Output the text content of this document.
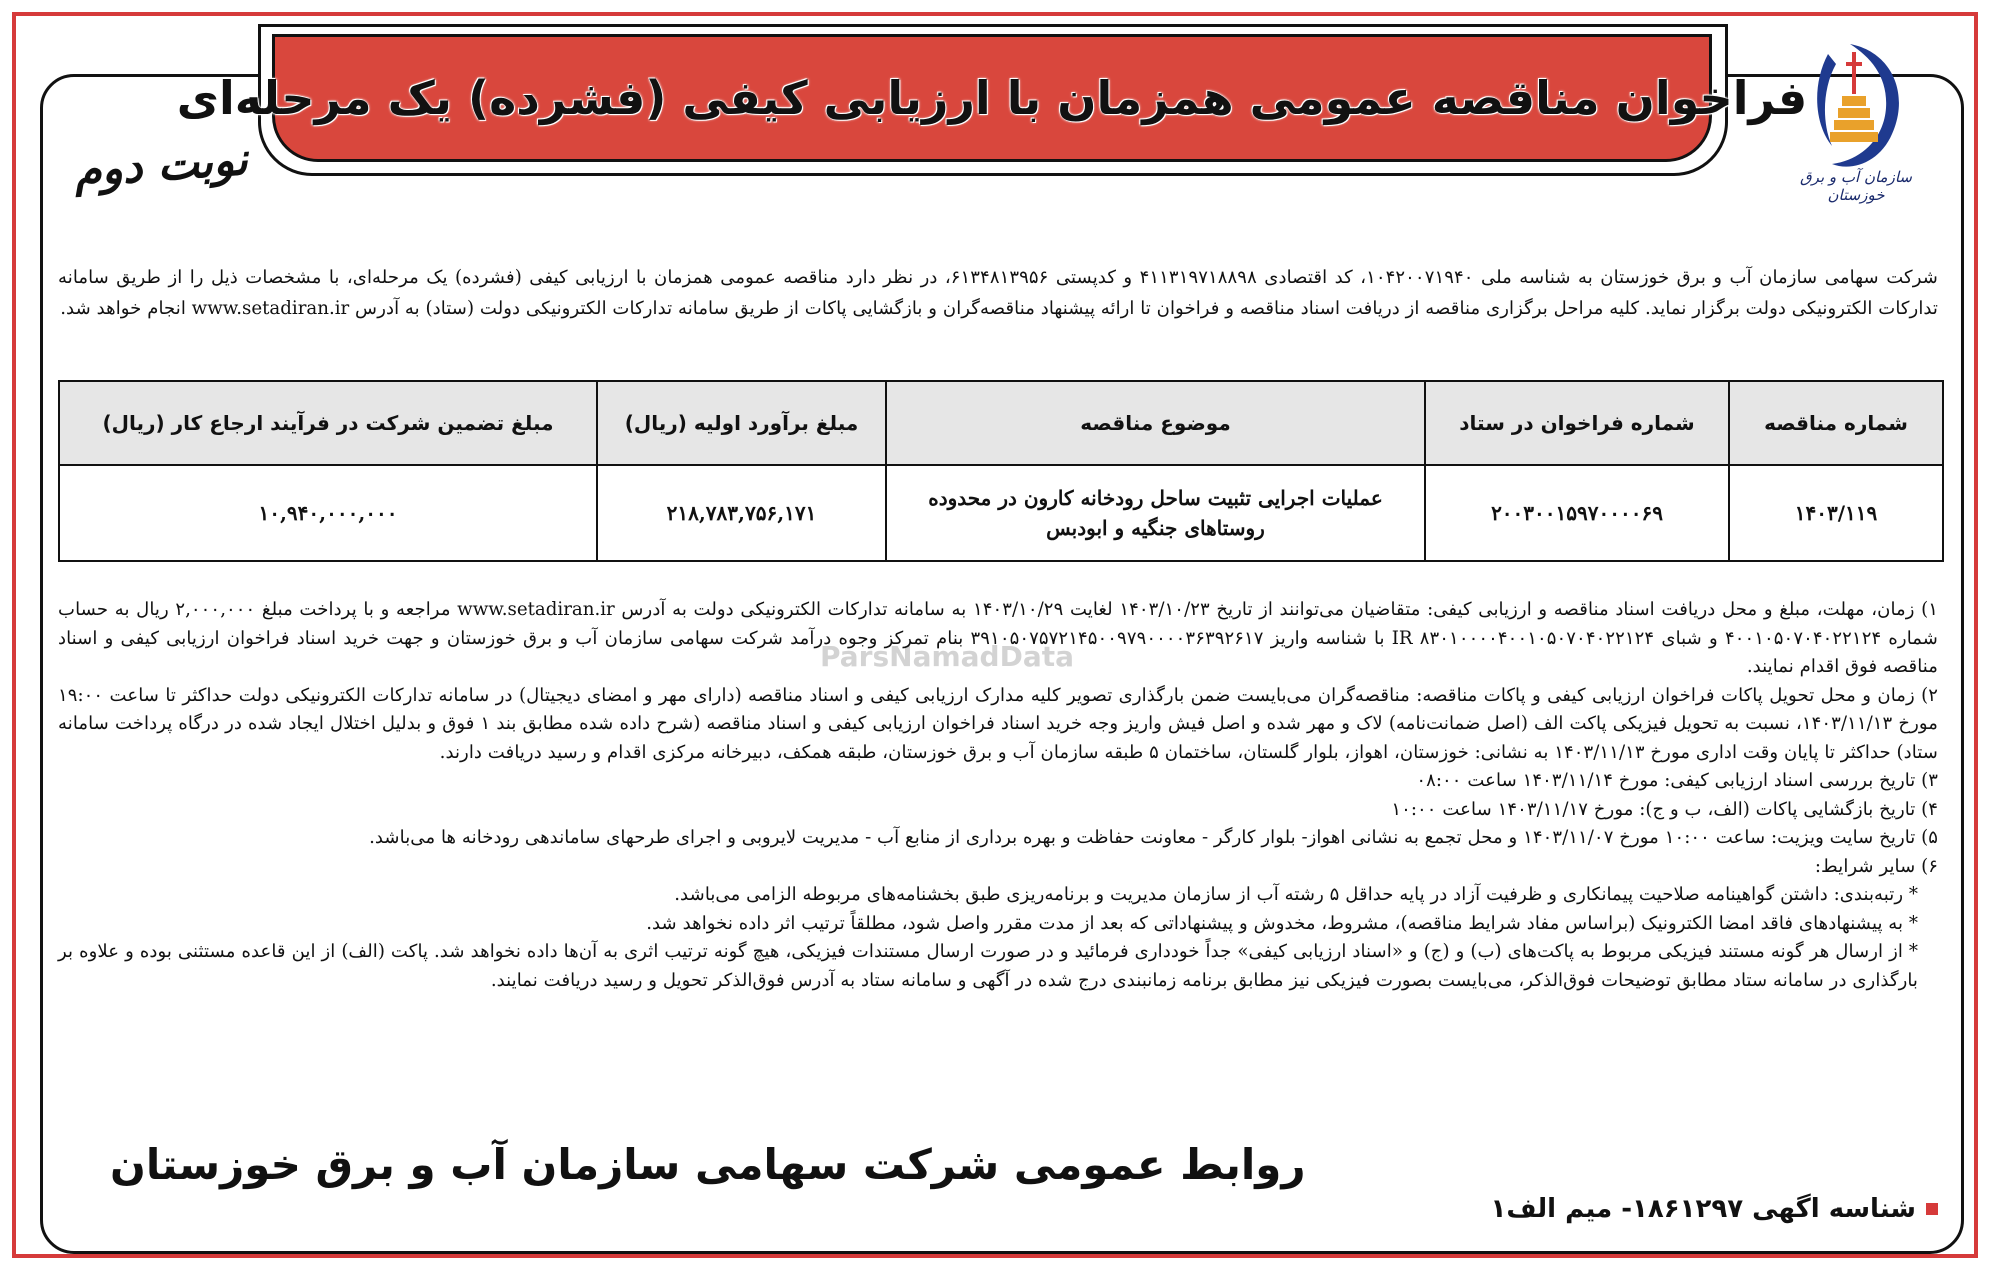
فراخوان مناقصه عمومی همزمان با ارزیابی کیفی (فشرده) یک مرحله‌ای
سازمان آب و برق خوزستان
نوبت دوم

شرکت سهامی سازمان آب و برق خوزستان به شناسه ملی ۱۰۴۲۰۰۷۱۹۴۰، کد اقتصادی ۴۱۱۳۱۹۷۱۸۸۹۸ و کدپستی ۶۱۳۴۸۱۳۹۵۶، در نظر دارد مناقصه عمومی همزمان با ارزیابی کیفی (فشرده) یک مرحله‌ای، با مشخصات ذیل را از طریق سامانه تدارکات الکترونیکی دولت برگزار نماید. کلیه مراحل برگزاری مناقصه از دریافت اسناد مناقصه و فراخوان تا ارائه پیشنهاد مناقصه‌گران و بازگشایی پاکات از طریق سامانه تدارکات الکترونیکی دولت (ستاد) به آدرس www.setadiran.ir انجام خواهد شد.

شماره مناقصه	شماره فراخوان در ستاد	موضوع مناقصه	مبلغ برآورد اولیه (ریال)	مبلغ تضمین شرکت در فرآیند ارجاع کار (ریال)
۱۴۰۳/۱۱۹	۲۰۰۳۰۰۱۵۹۷۰۰۰۰۶۹	عملیات اجرایی تثبیت ساحل رودخانه کارون در محدوده روستاهای جنگیه و ابودبس	۲۱۸,۷۸۳,۷۵۶,۱۷۱	۱۰,۹۴۰,۰۰۰,۰۰۰
ParsNamadData

۱) زمان، مهلت، مبلغ و محل دریافت اسناد مناقصه و ارزیابی کیفی: متقاضیان می‌توانند از تاریخ ۱۴۰۳/۱۰/۲۳ لغایت ۱۴۰۳/۱۰/۲۹ به سامانه تدارکات الکترونیکی دولت به آدرس www.setadiran.ir مراجعه و با پرداخت مبلغ ۲,۰۰۰,۰۰۰ ریال به حساب شماره ۴۰۰۱۰۵۰۷۰۴۰۲۲۱۲۴ و شبای IR ۸۳۰۱۰۰۰۰۴۰۰۱۰۵۰۷۰۴۰۲۲۱۲۴ با شناسه واریز ۳۹۱۰۵۰۷۵۷۲۱۴۵۰۰۹۷۹۰۰۰۰۳۶۳۹۲۶۱۷ بنام تمرکز وجوه درآمد شرکت سهامی سازمان آب و برق خوزستان و جهت خرید اسناد فراخوان ارزیابی کیفی و اسناد مناقصه فوق اقدام نمایند.

۲) زمان و محل تحویل پاکات فراخوان ارزیابی کیفی و پاکات مناقصه: مناقصه‌گران می‌بایست ضمن بارگذاری تصویر کلیه مدارک ارزیابی کیفی و اسناد مناقصه (دارای مهر و امضای دیجیتال) در سامانه تدارکات الکترونیکی دولت حداکثر تا ساعت ۱۹:۰۰ مورخ ۱۴۰۳/۱۱/۱۳، نسبت به تحویل فیزیکی پاکت الف (اصل ضمانت‌نامه) لاک و مهر شده و اصل فیش واریز وجه خرید اسناد فراخوان ارزیابی کیفی و اسناد مناقصه (شرح داده شده مطابق بند ۱ فوق و بدلیل اختلال ایجاد شده در درگاه پرداخت سامانه ستاد) حداکثر تا پایان وقت اداری مورخ ۱۴۰۳/۱۱/۱۳ به نشانی: خوزستان، اهواز، بلوار گلستان، ساختمان ۵ طبقه سازمان آب و برق خوزستان، طبقه همکف، دبیرخانه مرکزی اقدام و رسید دریافت دارند.

۳) تاریخ بررسی اسناد ارزیابی کیفی: مورخ ۱۴۰۳/۱۱/۱۴ ساعت ۰۸:۰۰

۴) تاریخ بازگشایی پاکات (الف، ب و ج): مورخ ۱۴۰۳/۱۱/۱۷ ساعت ۱۰:۰۰

۵) تاریخ سایت ویزیت: ساعت ۱۰:۰۰ مورخ ۱۴۰۳/۱۱/۰۷ و محل تجمع به نشانی اهواز- بلوار کارگر - معاونت حفاظت و بهره برداری از منابع آب - مدیریت لایروبی و اجرای طرحهای ساماندهی رودخانه ها می‌باشد.

۶) سایر شرایط:

* رتبه‌بندی: داشتن گواهینامه صلاحیت پیمانکاری و ظرفیت آزاد در پایه حداقل ۵ رشته آب از سازمان مدیریت و برنامه‌ریزی طبق بخشنامه‌های مربوطه الزامی می‌باشد.

* به پیشنهادهای فاقد امضا الکترونیک (براساس مفاد شرایط مناقصه)، مشروط، مخدوش و پیشنهاداتی که بعد از مدت مقرر واصل شود، مطلقاً ترتیب اثر داده نخواهد شد.

* از ارسال هر گونه مستند فیزیکی مربوط به پاکت‌های (ب) و (ج) و «اسناد ارزیابی کیفی» جداً خودداری فرمائید و در صورت ارسال مستندات فیزیکی، هیچ گونه ترتیب اثری به آن‌ها داده نخواهد شد. پاکت (الف) از این قاعده مستثنی بوده و علاوه بر بارگذاری در سامانه ستاد مطابق توضیحات فوق‌الذکر، می‌بایست بصورت فیزیکی نیز مطابق برنامه زمانبندی درج شده در آگهی و سامانه ستاد به آدرس فوق‌الذکر تحویل و رسید دریافت نمایند.

روابط عمومی شرکت سهامی سازمان آب و برق خوزستان
شناسه اگهی ۱۸۶۱۲۹۷- میم الف۱
